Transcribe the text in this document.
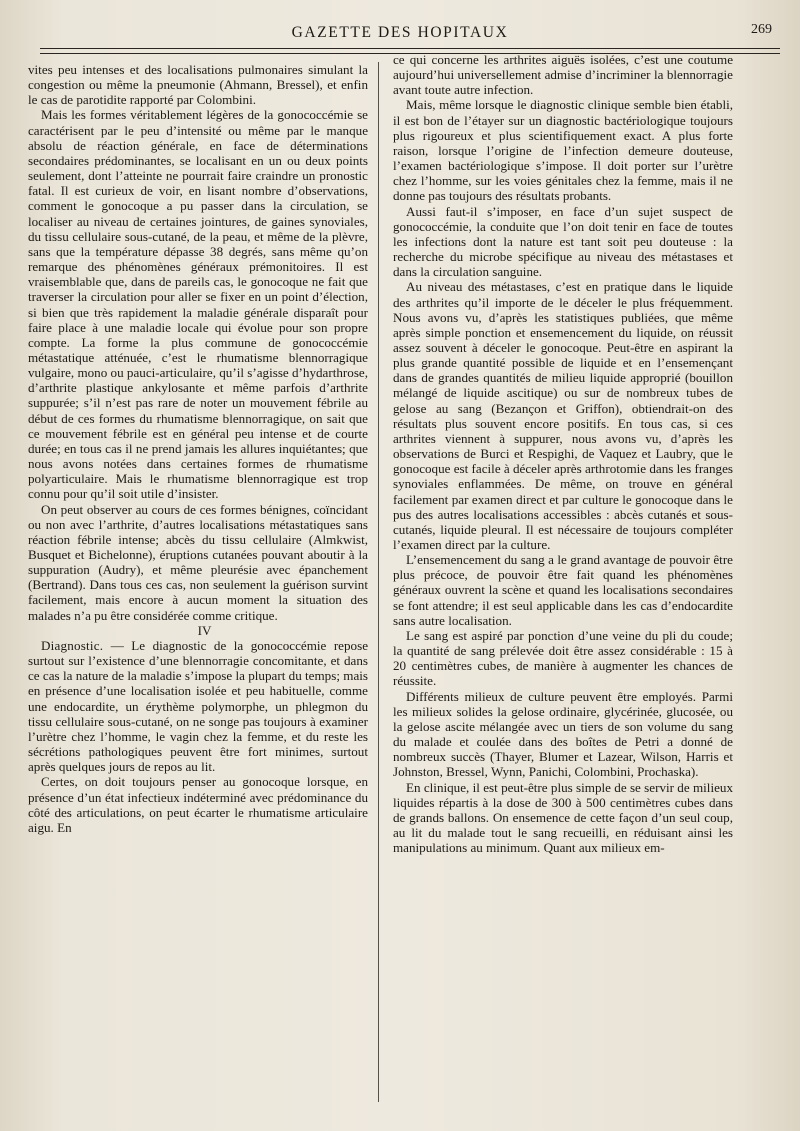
GAZETTE DES HOPITAUX	269

vites peu intenses et des localisations pulmonaires simulant la congestion ou même la pneumonie (Ahmann, Bressel), et enfin le cas de parotidite rapporté par Colombini.

Mais les formes véritablement légères de la gonococcémie se caractérisent par le peu d’intensité ou même par le manque absolu de réaction générale, en face de déterminations secondaires prédominantes, se localisant en un ou deux points seulement, dont l’atteinte ne pourrait faire craindre un pronostic fatal. Il est curieux de voir, en lisant nombre d’observations, comment le gonocoque a pu passer dans la circulation, se localiser au niveau de certaines jointures, de gaines synoviales, du tissu cellulaire sous-cutané, de la peau, et même de la plèvre, sans que la température dépasse 38 degrés, sans même qu’on remarque des phénomènes généraux prémonitoires. Il est vraisemblable que, dans de pareils cas, le gonocoque ne fait que traverser la circulation pour aller se fixer en un point d’élection, si bien que très rapidement la maladie générale disparaît pour faire place à une maladie locale qui évolue pour son propre compte. La forme la plus commune de gonococcémie métastatique atténuée, c’est le rhumatisme blennorragique vulgaire, mono ou pauci-articulaire, qu’il s’agisse d’hydarthrose, d’arthrite plastique ankylosante et même parfois d’arthrite suppurée; s’il n’est pas rare de noter un mouvement fébrile au début de ces formes du rhumatisme blennorragique, on sait que ce mouvement fébrile est en général peu intense et de courte durée; en tous cas il ne prend jamais les allures inquiétantes; que nous avons notées dans certaines formes de rhumatisme polyarticulaire. Mais le rhumatisme blennorragique est trop connu pour qu’il soit utile d’insister.

On peut observer au cours de ces formes bénignes, coïncidant ou non avec l’arthrite, d’autres localisations métastatiques sans réaction fébrile intense; abcès du tissu cellulaire (Almkwist, Busquet et Bichelonne), éruptions cutanées pouvant aboutir à la suppuration (Audry), et même pleurésie avec épanchement (Bertrand). Dans tous ces cas, non seulement la guérison survint facilement, mais encore à aucun moment la situation des malades n’a pu être considérée comme critique.

IV

Diagnostic. — Le diagnostic de la gonococcémie repose surtout sur l’existence d’une blennorragie concomitante, et dans ce cas la nature de la maladie s’impose la plupart du temps; mais en présence d’une localisation isolée et peu habituelle, comme une endocardite, un érythème polymorphe, un phlegmon du tissu cellulaire sous-cutané, on ne songe pas toujours à examiner l’urètre chez l’homme, le vagin chez la femme, et du reste les sécrétions pathologiques peuvent être fort minimes, surtout après quelques jours de repos au lit.

Certes, on doit toujours penser au gonocoque lorsque, en présence d’un état infectieux indéterminé avec prédominance du côté des articulations, on peut écarter le rhumatisme articulaire aigu. En

ce qui concerne les arthrites aiguës isolées, c’est une coutume aujourd’hui universellement admise d’incriminer la blennorragie avant toute autre infection.

Mais, même lorsque le diagnostic clinique semble bien établi, il est bon de l’étayer sur un diagnostic bactériologique toujours plus rigoureux et plus scientifiquement exact. A plus forte raison, lorsque l’origine de l’infection demeure douteuse, l’examen bactériologique s’impose. Il doit porter sur l’urètre chez l’homme, sur les voies génitales chez la femme, mais il ne donne pas toujours des résultats probants.

Aussi faut-il s’imposer, en face d’un sujet suspect de gonococcémie, la conduite que l’on doit tenir en face de toutes les infections dont la nature est tant soit peu douteuse : la recherche du microbe spécifique au niveau des métastases et dans la circulation sanguine.

Au niveau des métastases, c’est en pratique dans le liquide des arthrites qu’il importe de le déceler le plus fréquemment. Nous avons vu, d’après les statistiques publiées, que même après simple ponction et ensemencement du liquide, on réussit assez souvent à déceler le gonocoque. Peut-être en aspirant la plus grande quantité possible de liquide et en l’ensemençant dans de grandes quantités de milieu liquide approprié (bouillon mélangé de liquide ascitique) ou sur de nombreux tubes de gelose au sang (Bezançon et Griffon), obtiendrait-on des résultats plus souvent encore positifs. En tous cas, si ces arthrites viennent à suppurer, nous avons vu, d’après les observations de Burci et Respighi, de Vaquez et Laubry, que le gonocoque est facile à déceler après arthrotomie dans les franges synoviales enflammées. De même, on trouve en général facilement par examen direct et par culture le gonocoque dans le pus des autres localisations accessibles : abcès cutanés et sous-cutanés, liquide pleural. Il est nécessaire de toujours compléter l’examen direct par la culture.

L’ensemencement du sang a le grand avantage de pouvoir être plus précoce, de pouvoir être fait quand les phénomènes généraux ouvrent la scène et quand les localisations secondaires se font attendre; il est seul applicable dans les cas d’endocardite sans autre localisation.

Le sang est aspiré par ponction d’une veine du pli du coude; la quantité de sang prélevée doit être assez considérable : 15 à 20 centimètres cubes, de manière à augmenter les chances de réussite.

Différents milieux de culture peuvent être employés. Parmi les milieux solides la gelose ordinaire, glycérinée, glucosée, ou la gelose ascite mélangée avec un tiers de son volume du sang du malade et coulée dans des boîtes de Petri a donné de nombreux succès (Thayer, Blumer et Lazear, Wilson, Harris et Johnston, Bressel, Wynn, Panichi, Colombini, Prochaska).

En clinique, il est peut-être plus simple de se servir de milieux liquides répartis à la dose de 300 à 500 centimètres cubes dans de grands ballons. On ensemence de cette façon d’un seul coup, au lit du malade tout le sang recueilli, en réduisant ainsi les manipulations au minimum. Quant aux milieux em-
